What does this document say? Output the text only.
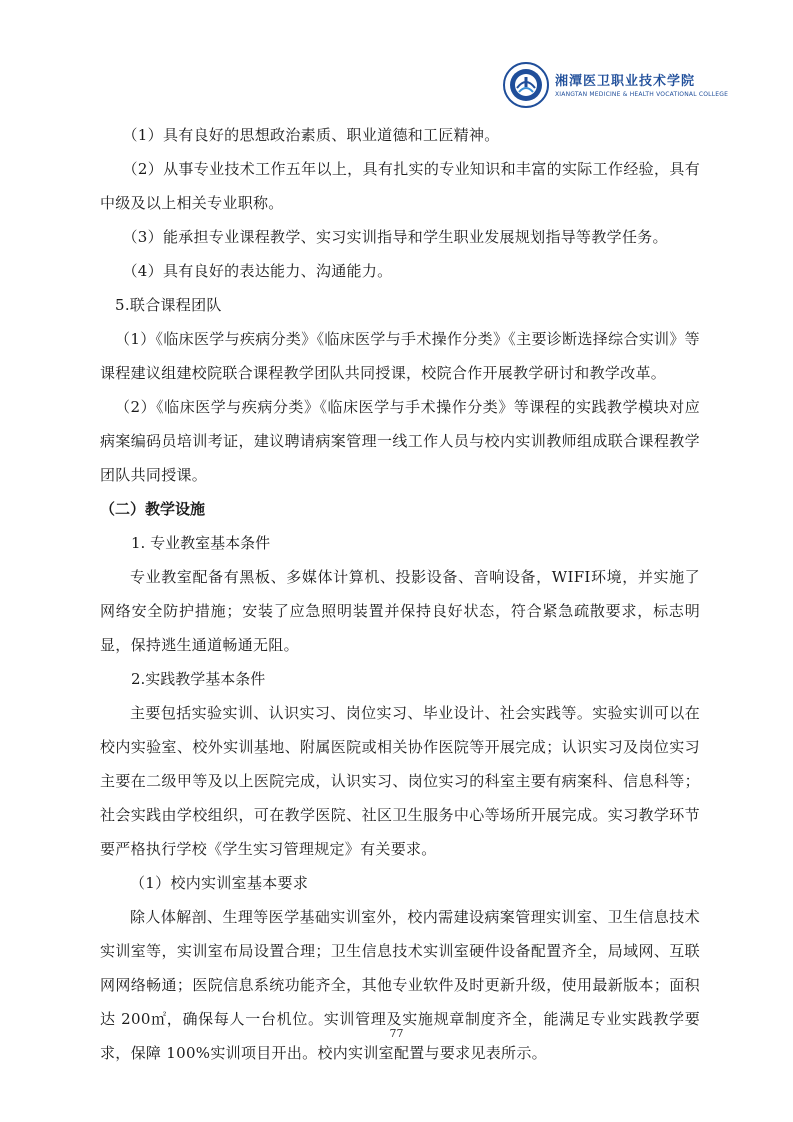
湘潭医卫职业技术学院
XIANGTAN MEDICINE & HEALTH VOCATIONAL COLLEGE

（1）具有良好的思想政治素质、职业道德和工匠精神。

（2）从事专业技术工作五年以上，具有扎实的专业知识和丰富的实际工作经验，具有中级及以上相关专业职称。

（3）能承担专业课程教学、实习实训指导和学生职业发展规划指导等教学任务。

（4）具有良好的表达能力、沟通能力。

5.联合课程团队

（1）《临床医学与疾病分类》《临床医学与手术操作分类》《主要诊断选择综合实训》等课程建议组建校院联合课程教学团队共同授课，校院合作开展教学研讨和教学改革。

（2）《临床医学与疾病分类》《临床医学与手术操作分类》等课程的实践教学模块对应病案编码员培训考证，建议聘请病案管理一线工作人员与校内实训教师组成联合课程教学团队共同授课。

（二）教学设施

1. 专业教室基本条件

专业教室配备有黑板、多媒体计算机、投影设备、音响设备，WIFI环境，并实施了网络安全防护措施；安装了应急照明装置并保持良好状态，符合紧急疏散要求，标志明显，保持逃生通道畅通无阻。

2.实践教学基本条件

主要包括实验实训、认识实习、岗位实习、毕业设计、社会实践等。实验实训可以在校内实验室、校外实训基地、附属医院或相关协作医院等开展完成；认识实习及岗位实习主要在二级甲等及以上医院完成，认识实习、岗位实习的科室主要有病案科、信息科等；社会实践由学校组织，可在教学医院、社区卫生服务中心等场所开展完成。实习教学环节要严格执行学校《学生实习管理规定》有关要求。

（1）校内实训室基本要求

除人体解剖、生理等医学基础实训室外，校内需建设病案管理实训室、卫生信息技术实训室等，实训室布局设置合理；卫生信息技术实训室硬件设备配置齐全，局域网、互联网网络畅通；医院信息系统功能齐全，其他专业软件及时更新升级，使用最新版本；面积达 200㎡，确保每人一台机位。实训管理及实施规章制度齐全，能满足专业实践教学要求，保障 100%实训项目开出。校内实训室配置与要求见表所示。

77
